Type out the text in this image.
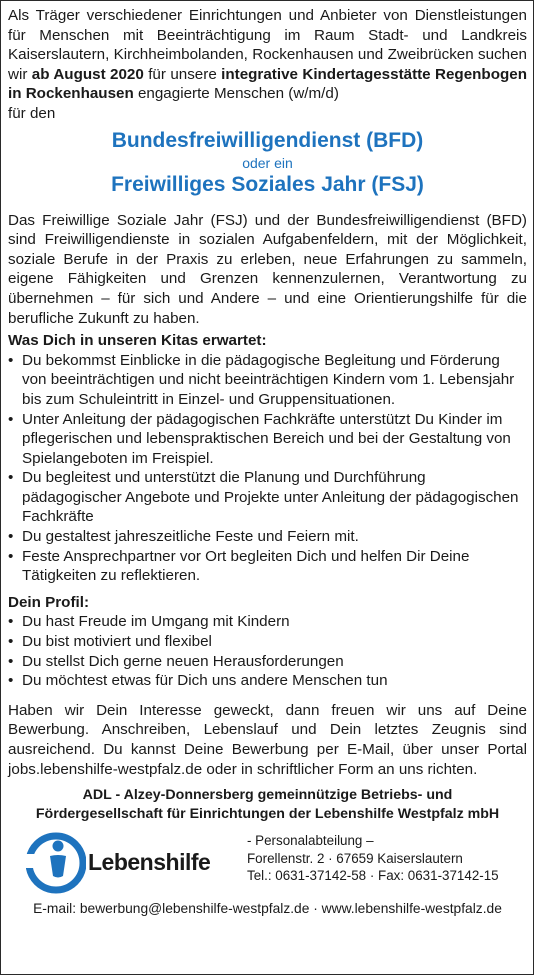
Als Träger verschiedener Einrichtungen und Anbieter von Dienstleistungen für Menschen mit Beeinträchtigung im Raum Stadt- und Landkreis Kaiserslautern, Kirchheimbolanden, Rockenhausen und Zweibrücken suchen wir ab August 2020 für unsere integrative Kindertagesstätte Regenbogen in Rockenhausen engagierte Menschen (w/m/d)

für den

Bundesfreiwilligendienst (BFD)
oder ein
Freiwilliges Soziales Jahr (FSJ)

Das Freiwillige Soziale Jahr (FSJ) und der Bundesfreiwilligendienst (BFD) sind Freiwilligendienste in sozialen Aufgabenfeldern, mit der Möglichkeit, soziale Berufe in der Praxis zu erleben, neue Erfahrungen zu sammeln, eigene Fähigkeiten und Grenzen kennenzulernen, Verantwortung zu übernehmen – für sich und Andere – und eine Orientierungshilfe für die berufliche Zukunft zu haben.

Was Dich in unseren Kitas erwartet:
• Du bekommst Einblicke in die pädagogische Begleitung und Förderung von beeinträchtigen und nicht beeinträchtigen Kindern vom 1. Lebensjahr bis zum Schuleintritt in Einzel- und Gruppensituationen.
• Unter Anleitung der pädagogischen Fachkräfte unterstützt Du Kinder im pflegerischen und lebenspraktischen Bereich und bei der Gestaltung von Spielangeboten im Freispiel.
• Du begleitest und unterstützt die Planung und Durchführung pädagogischer Angebote und Projekte unter Anleitung der pädagogischen Fachkräfte
• Du gestaltest jahreszeitliche Feste und Feiern mit.
• Feste Ansprechpartner vor Ort begleiten Dich und helfen Dir Deine Tätigkeiten zu reflektieren.
Dein Profil:
• Du hast Freude im Umgang mit Kindern
• Du bist motiviert und flexibel
• Du stellst Dich gerne neuen Herausforderungen
• Du möchtest etwas für Dich uns andere Menschen tun

Haben wir Dein Interesse geweckt, dann freuen wir uns auf Deine Bewerbung. Anschreiben, Lebenslauf und Dein letztes Zeugnis sind ausreichend. Du kannst Deine Bewerbung per E-Mail, über unser Portal jobs.lebenshilfe-westpfalz.de oder in schriftlicher Form an uns richten.

ADL - Alzey-Donnersberg gemeinnützige Betriebs- und
Fördergesellschaft für Einrichtungen der Lebenshilfe Westpfalz mbH
Lebenshilfe
- Personalabteilung –
Forellenstr. 2 · 67659 Kaiserslautern
Tel.: 0631-37142-58 · Fax: 0631-37142-15
E-mail: bewerbung@lebenshilfe-westpfalz.de · www.lebenshilfe-westpfalz.de
